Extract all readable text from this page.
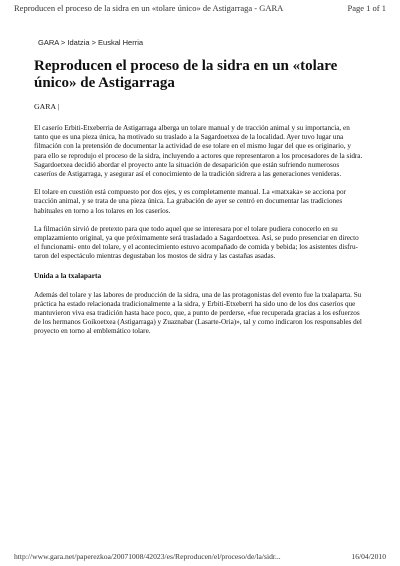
Reproducen el proceso de la sidra en un «tolare único» de Astigarraga - GARA	Page 1 of 1
GARA > Idatzia > Euskal Herria
Reproducen el proceso de la sidra en un «tolare único» de Astigarraga
GARA |

El caserío Erbiti-Etxeberria de Astigarraga alberga un tolare manual y de tracción animal y su importancia, en tanto que es una pieza única, ha motivado su traslado a la Sagardoetxea de la localidad. Ayer tuvo lugar una filmación con la pretensión de documentar la actividad de ese tolare en el mismo lugar del que es originario, y para ello se reprodujo el proceso de la sidra, incluyendo a actores que representaron a los procesadores de la sidra. Sagardoetxea decidió abordar el proyecto ante la situación de desaparición que están sufriendo numerosos caseríos de Astigarraga, y asegurar así el conocimiento de la tradición sidrera a las generaciones venideras.

El tolare en cuestión está compuesto por dos ejes, y es completamente manual. La «matxaka» se acciona por tracción animal, y se trata de una pieza única. La grabación de ayer se centró en documentar las tradiciones habituales en torno a los tolares en los caseríos.

La filmación sirvió de pretexto para que todo aquel que se interesara por el tolare pudiera conocerlo en su emplazamiento original, ya que próximamente será trasladado a Sagardoetxea. Así, se pudo presenciar en directo el funcionami- ento del tolare, y el acontecimiento estuvo acompañado de comida y bebida; los asistentes disfru- taron del espectáculo mientras degustaban los mostos de sidra y las castañas asadas.

Unida a la txalaparta

Además del tolare y las labores de producción de la sidra, una de las protagonistas del evento fue la txalaparta. Su práctica ha estado relacionada tradicionalmente a la sidra, y Erbiti-Etxeberri ha sido uno de los dos caseríos que mantuvieron viva esa tradición hasta hace poco, que, a punto de perderse, «fue recuperada gracias a los esfuerzos de los hermanos Goikoetxea (Astigarraga) y Zuaznabar (Lasarte-Oria)», tal y como indicaron los responsables del proyecto en torno al emblemático tolare.

http://www.gara.net/paperezkoa/20071008/42023/es/Reproducen/el/proceso/de/la/sidr...	16/04/2010
